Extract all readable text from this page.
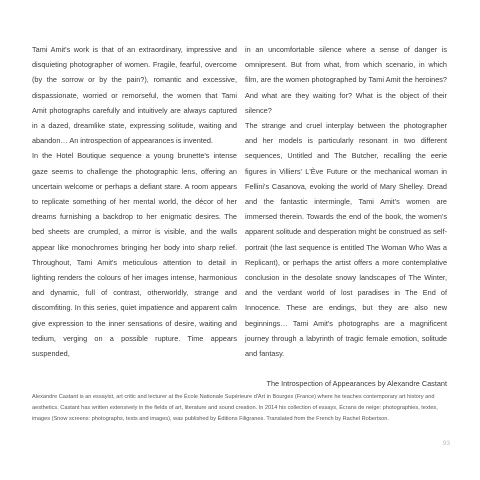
Tami Amit's work is that of an extraordinary, impressive and disquieting photographer of women. Fragile, fearful, overcome (by the sorrow or by the pain?), romantic and excessive, dispassionate, worried or remorseful, the women that Tami Amit photographs carefully and intuitively are always captured in a dazed, dreamlike state, expressing solitude, waiting and abandon… An introspection of appearances is invented.

In the Hotel Boutique sequence a young brunette's intense gaze seems to challenge the photographic lens, offering an uncertain welcome or perhaps a defiant stare. A room appears to replicate something of her mental world, the décor of her dreams furnishing a backdrop to her enigmatic desires. The bed sheets are crumpled, a mirror is visible, and the walls appear like monochromes bringing her body into sharp relief. Throughout, Tami Amit's meticulous attention to detail in lighting renders the colours of her images intense, harmonious and dynamic, full of contrast, otherworldly, strange and discomfiting. In this series, quiet impatience and apparent calm give expression to the inner sensations of desire, waiting and tedium, verging on a possible rupture. Time appears suspended,

in an uncomfortable silence where a sense of danger is omnipresent. But from what, from which scenario, in which film, are the women photographed by Tami Amit the heroines? And what are they waiting for? What is the object of their silence?

The strange and cruel interplay between the photographer and her models is particularly resonant in two different sequences, Untitled and The Butcher, recalling the eerie figures in Villiers' L'Ève Future or the mechanical woman in Fellini's Casanova, evoking the world of Mary Shelley. Dread and the fantastic intermingle, Tami Amit's women are immersed therein. Towards the end of the book, the women's apparent solitude and desperation might be construed as self-portrait (the last sequence is entitled The Woman Who Was a Replicant), or perhaps the artist offers a more contemplative conclusion in the desolate snowy landscapes of The Winter, and the verdant world of lost paradises in The End of Innocence. These are endings, but they are also new beginnings… Tami Amit's photographs are a magnificent journey through a labyrinth of tragic female emotion, solitude and fantasy.

The Introspection of Appearances by Alexandre Castant

Alexandre Castant is an essayist, art critic and lecturer at the École Nationale Supérieure d'Art in Bourges (France) where he teaches contemporary art history and aesthetics. Castant has written extensively in the fields of art, literature and sound creation. In 2014 his collection of essays, Écrans de neige: photographies, textes, images (Snow screens: photographs, texts and images), was published by Éditions Filigranes. Translated from the French by Rachel Robertson.

93
